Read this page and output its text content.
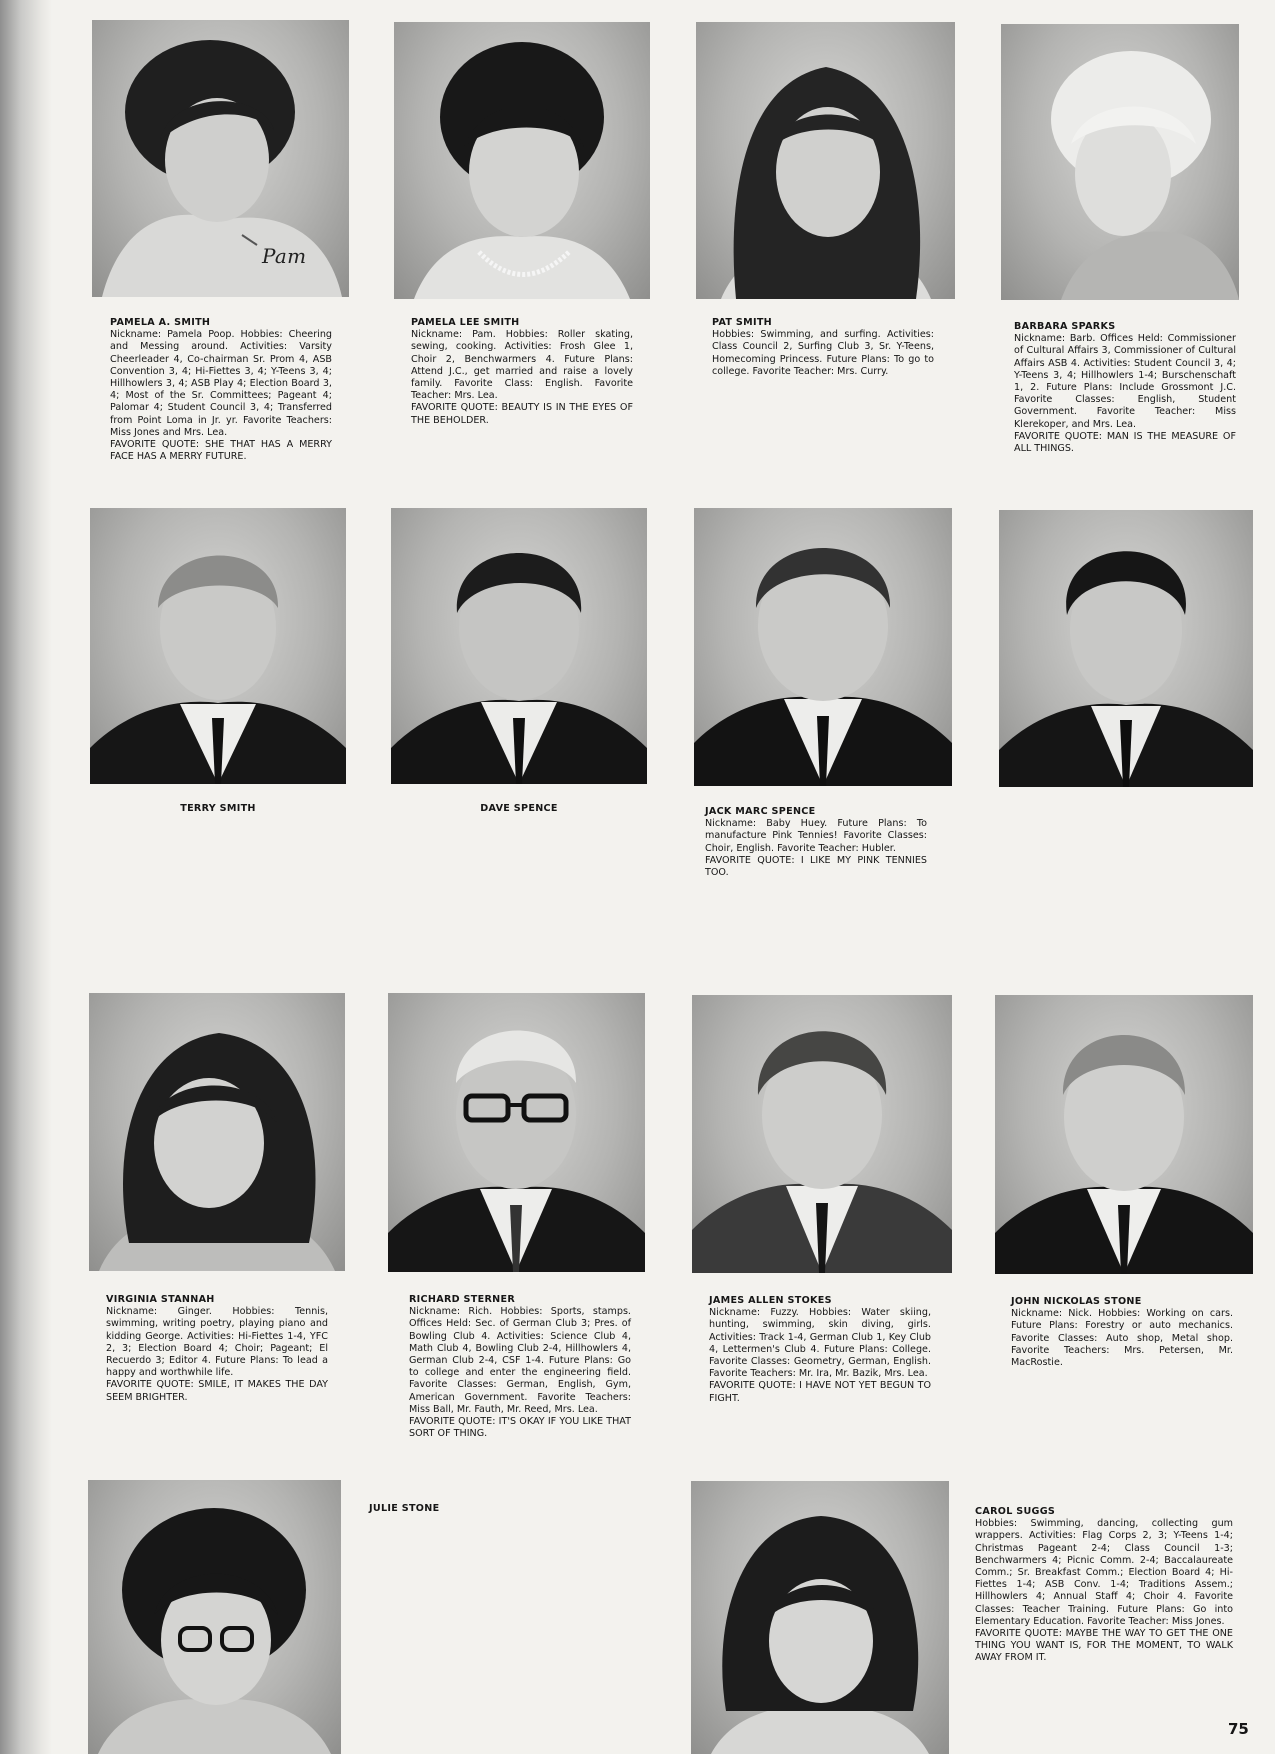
Pam
PAMELA A. SMITH
Nickname: Pamela Poop. Hobbies: Cheering and Messing around. Activities: Varsity Cheerleader 4, Co-chairman Sr. Prom 4, ASB Convention 3, 4; Hi-Fiettes 3, 4; Y-Teens 3, 4; Hillhowlers 3, 4; ASB Play 4; Election Board 3, 4; Most of the Sr. Committees; Pageant 4; Palomar 4; Student Council 3, 4; Transferred from Point Loma in Jr. yr. Favorite Teachers: Miss Jones and Mrs. Lea.
FAVORITE QUOTE: SHE THAT HAS A MERRY FACE HAS A MERRY FUTURE.
PAMELA LEE SMITH
Nickname: Pam. Hobbies: Roller skating, sewing, cooking. Activities: Frosh Glee 1, Choir 2, Benchwarmers 4. Future Plans: Attend J.C., get married and raise a lovely family. Favorite Class: English. Favorite Teacher: Mrs. Lea.
FAVORITE QUOTE: BEAUTY IS IN THE EYES OF THE BEHOLDER.
PAT SMITH
Hobbies: Swimming, and surfing. Activities: Class Council 2, Surfing Club 3, Sr. Y-Teens, Homecoming Princess. Future Plans: To go to college. Favorite Teacher: Mrs. Curry.
BARBARA SPARKS
Nickname: Barb. Offices Held: Commissioner of Cultural Affairs 3, Commissioner of Cultural Affairs ASB 4. Activities: Student Council 3, 4; Y-Teens 3, 4; Hillhowlers 1-4; Burschenschaft 1, 2. Future Plans: Include Grossmont J.C. Favorite Classes: English, Student Government. Favorite Teacher: Miss Klerekoper, and Mrs. Lea.
FAVORITE QUOTE: MAN IS THE MEASURE OF ALL THINGS.
TERRY SMITH	DAVE SPENCE	JACK MARC SPENCE
Nickname: Baby Huey. Future Plans: To manufacture Pink Tennies! Favorite Classes: Choir, English. Favorite Teacher: Hubler.
FAVORITE QUOTE: I LIKE MY PINK TENNIES TOO.
VIRGINIA STANNAH
Nickname: Ginger. Hobbies: Tennis, swimming, writing poetry, playing piano and kidding George. Activities: Hi-Fiettes 1-4, YFC 2, 3; Election Board 4; Choir; Pageant; El Recuerdo 3; Editor 4. Future Plans: To lead a happy and worthwhile life.
FAVORITE QUOTE: SMILE, IT MAKES THE DAY SEEM BRIGHTER.
RICHARD STERNER
Nickname: Rich. Hobbies: Sports, stamps. Offices Held: Sec. of German Club 3; Pres. of Bowling Club 4. Activities: Science Club 4, Math Club 4, Bowling Club 2-4, Hillhowlers 4, German Club 2-4, CSF 1-4. Future Plans: Go to college and enter the engineering field. Favorite Classes: German, English, Gym, American Government. Favorite Teachers: Miss Ball, Mr. Fauth, Mr. Reed, Mrs. Lea.
FAVORITE QUOTE: IT'S OKAY IF YOU LIKE THAT SORT OF THING.
JAMES ALLEN STOKES
Nickname: Fuzzy. Hobbies: Water skiing, hunting, swimming, skin diving, girls. Activities: Track 1-4, German Club 1, Key Club 4, Lettermen's Club 4. Future Plans: College. Favorite Classes: Geometry, German, English. Favorite Teachers: Mr. Ira, Mr. Bazik, Mrs. Lea.
FAVORITE QUOTE: I HAVE NOT YET BEGUN TO FIGHT.
JOHN NICKOLAS STONE
Nickname: Nick. Hobbies: Working on cars. Future Plans: Forestry or auto mechanics. Favorite Classes: Auto shop, Metal shop. Favorite Teachers: Mrs. Petersen, Mr. MacRostie.
JULIE STONE	CAROL SUGGS
Hobbies: Swimming, dancing, collecting gum wrappers. Activities: Flag Corps 2, 3; Y-Teens 1-4; Christmas Pageant 2-4; Class Council 1-3; Benchwarmers 4; Picnic Comm. 2-4; Baccalaureate Comm.; Sr. Breakfast Comm.; Election Board 4; Hi-Fiettes 1-4; ASB Conv. 1-4; Traditions Assem.; Hillhowlers 4; Annual Staff 4; Choir 4. Favorite Classes: Teacher Training. Future Plans: Go into Elementary Education. Favorite Teacher: Miss Jones.
FAVORITE QUOTE: MAYBE THE WAY TO GET THE ONE THING YOU WANT IS, FOR THE MOMENT, TO WALK AWAY FROM IT.
75
